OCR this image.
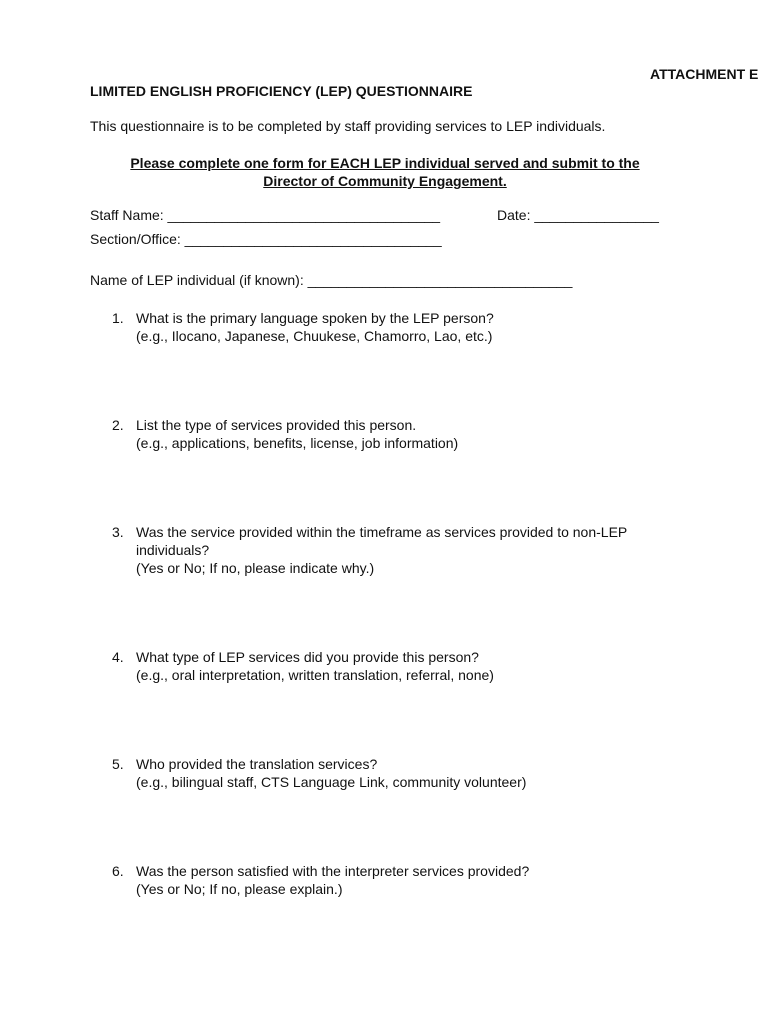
ATTACHMENT E
LIMITED ENGLISH PROFICIENCY (LEP) QUESTIONNAIRE
This questionnaire is to be completed by staff providing services to LEP individuals.
Please complete one form for EACH LEP individual served and submit to the
Director of Community Engagement.
Staff Name: ___________________________________	Date: ________________
Section/Office: _________________________________
Name of LEP individual (if known): __________________________________
1. What is the primary language spoken by the LEP person?
(e.g., Ilocano, Japanese, Chuukese, Chamorro, Lao, etc.)
2. List the type of services provided this person.
(e.g., applications, benefits, license, job information)
3. Was the service provided within the timeframe as services provided to non-LEP
individuals?
(Yes or No; If no, please indicate why.)
4. What type of LEP services did you provide this person?
(e.g., oral interpretation, written translation, referral, none)
5. Who provided the translation services?
(e.g., bilingual staff, CTS Language Link, community volunteer)
6. Was the person satisfied with the interpreter services provided?
(Yes or No; If no, please explain.)
